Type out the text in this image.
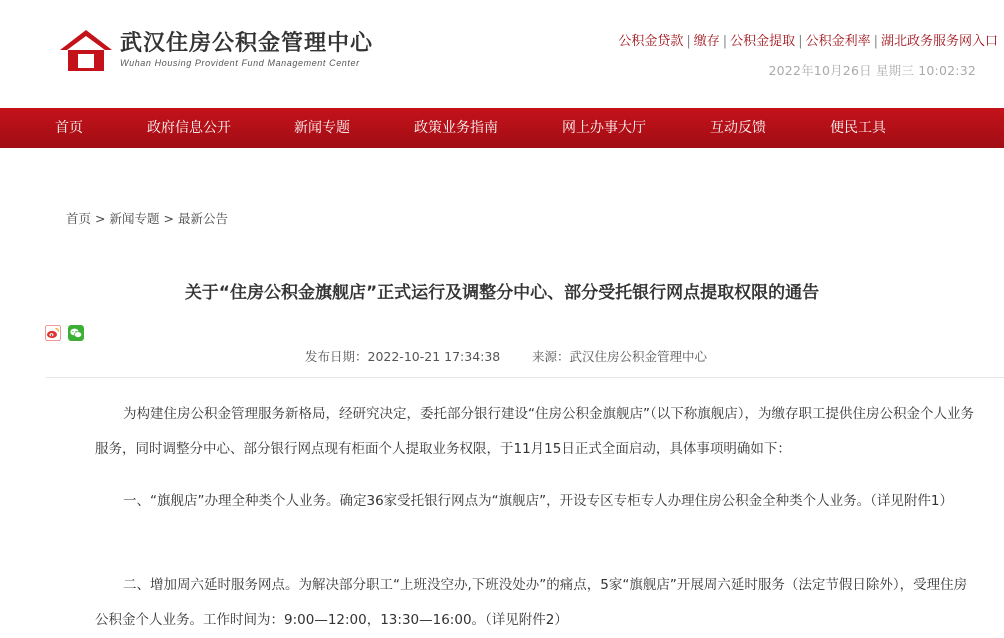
武汉住房公积金管理中心
Wuhan Housing Provident Fund Management Center
公积金贷款 | 缴存 | 公积金提取 | 公积金利率 | 湖北政务服务网入口
2022年10月26日 星期三 10:02:32
首页	政府信息公开	新闻专题	政策业务指南	网上办事大厅	互动反馈	便民工具
首页 > 新闻专题 > 最新公告
关于“住房公积金旗舰店”正式运行及调整分中心、部分受托银行网点提取权限的通告
发布日期：2022-10-21 17:34:38	来源：武汉住房公积金管理中心

为构建住房公积金管理服务新格局，经研究决定，委托部分银行建设“住房公积金旗舰店”（以下称旗舰店），为缴存职工提供住房公积金个人业务服务，同时调整分中心、部分银行网点现有柜面个人提取业务权限，于11月15日正式全面启动，具体事项明确如下：

一、“旗舰店”办理全种类个人业务。确定36家受托银行网点为“旗舰店”，开设专区专柜专人办理住房公积金全种类个人业务。（详见附件1）

二、增加周六延时服务网点。为解决部分职工“上班没空办,下班没处办”的痛点，5家“旗舰店”开展周六延时服务（法定节假日除外），受理住房公积金个人业务。工作时间为：9:00—12:00，13:30—16:00。（详见附件2）
